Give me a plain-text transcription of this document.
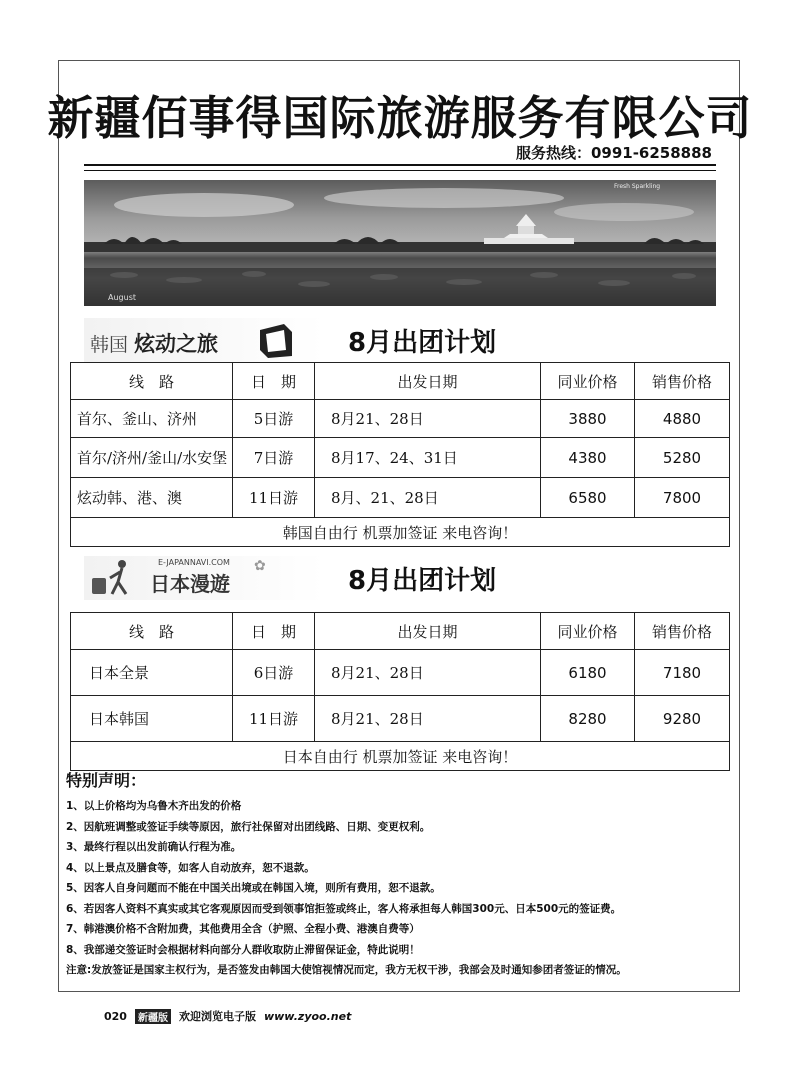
新疆佰事得国际旅游服务有限公司
服务热线：0991-6258888
August
Fresh Sparkling
韩国 炫动之旅	8月出团计划
线　路	日　期	出发日期	同业价格	销售价格
首尔、釜山、济州	5日游	8月21、28日	3880	4880
首尔/济州/釜山/水安堡	7日游	8月17、24、31日	4380	5280
炫动韩、港、澳	11日游	8月、21、28日	6580	7800
韩国自由行 机票加签证 来电咨询！				
E-JAPANNAVI.COM
日本漫遊
✿	8月出团计划
线　路	日　期	出发日期	同业价格	销售价格
日本全景	6日游	8月21、28日	6180	7180
日本韩国	11日游	8月21、28日	8280	9280
日本自由行 机票加签证 来电咨询！				
特别声明：
1、以上价格均为乌鲁木齐出发的价格
2、因航班调整或签证手续等原因，旅行社保留对出团线路、日期、变更权利。
3、最终行程以出发前确认行程为准。
4、以上景点及膳食等，如客人自动放弃，恕不退款。
5、因客人自身问题而不能在中国关出境或在韩国入境，则所有费用，恕不退款。
6、若因客人资料不真实或其它客观原因而受到领事馆拒签或终止，客人将承担每人韩国300元、日本500元的签证费。
7、韩港澳价格不含附加费，其他费用全含（护照、全程小费、港澳自费等）
8、我部递交签证时会根据材料向部分人群收取防止滞留保证金，特此说明！
注意:发放签证是国家主权行为，是否签发由韩国大使馆视情况而定，我方无权干涉，我部会及时通知参团者签证的情况。
020	新疆版 欢迎浏览电子版 www.zyoo.net
